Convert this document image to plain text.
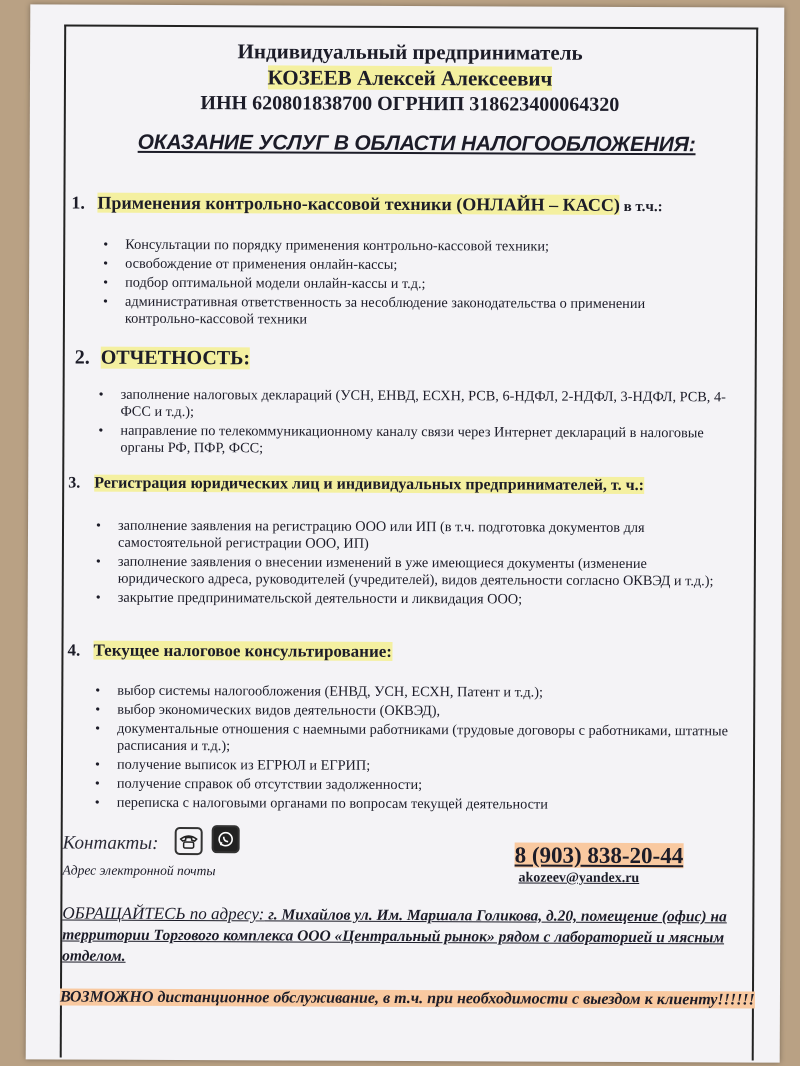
Индивидуальный предприниматель
КОЗЕЕВ Алексей Алексеевич
ИНН 620801838700 ОГРНИП 318623400064320
ОКАЗАНИЕ УСЛУГ В ОБЛАСТИ НАЛОГООБЛОЖЕНИЯ:
1. Применения контрольно-кассовой техники (ОНЛАЙН – КАСС) в т.ч.:
• Консультации по порядку применения контрольно-кассовой техники;
• освобождение от применения онлайн-кассы;
• подбор оптимальной модели онлайн-кассы и т.д.;
• административная ответственность за несоблюдение законодательства о применении контрольно-кассовой техники
2. ОТЧЕТНОСТЬ:
• заполнение налоговых деклараций (УСН, ЕНВД, ЕСХН, РСВ, 6-НДФЛ, 2-НДФЛ, 3-НДФЛ, РСВ, 4-ФСС и т.д.);
• направление по телекоммуникационному каналу связи через Интернет деклараций в налоговые органы РФ, ПФР, ФСС;
3. Регистрация юридических лиц и индивидуальных предпринимателей, т. ч.:
• заполнение заявления на регистрацию ООО или ИП (в т.ч. подготовка документов для самостоятельной регистрации ООО, ИП)
• заполнение заявления о внесении изменений в уже имеющиеся документы (изменение юридического адреса, руководителей (учредителей), видов деятельности согласно ОКВЭД и т.д.);
• закрытие предпринимательской деятельности и ликвидация ООО;
4. Текущее налоговое консультирование:
• выбор системы налогообложения (ЕНВД, УСН, ЕСХН, Патент и т.д.);
• выбор экономических видов деятельности (ОКВЭД),
• документальные отношения с наемными работниками (трудовые договоры с работниками, штатные расписания и т.д.);
• получение выписок из ЕГРЮЛ и ЕГРИП;
• получение справок об отсутствии задолженности;
• переписка с налоговыми органами по вопросам текущей деятельности
Контакты:
Адрес электронной почты
8 (903) 838-20-44
akozeev@yandex.ru
ОБРАЩАЙТЕСЬ по адресу: г. Михайлов ул. Им. Маршала Голикова, д.20, помещение (офис) на территории Торгового комплекса ООО «Центральный рынок» рядом с лабораторией и мясным отделом.
ВОЗМОЖНО дистанционное обслуживание, в т.ч. при необходимости с выездом к клиенту!!!!!!
